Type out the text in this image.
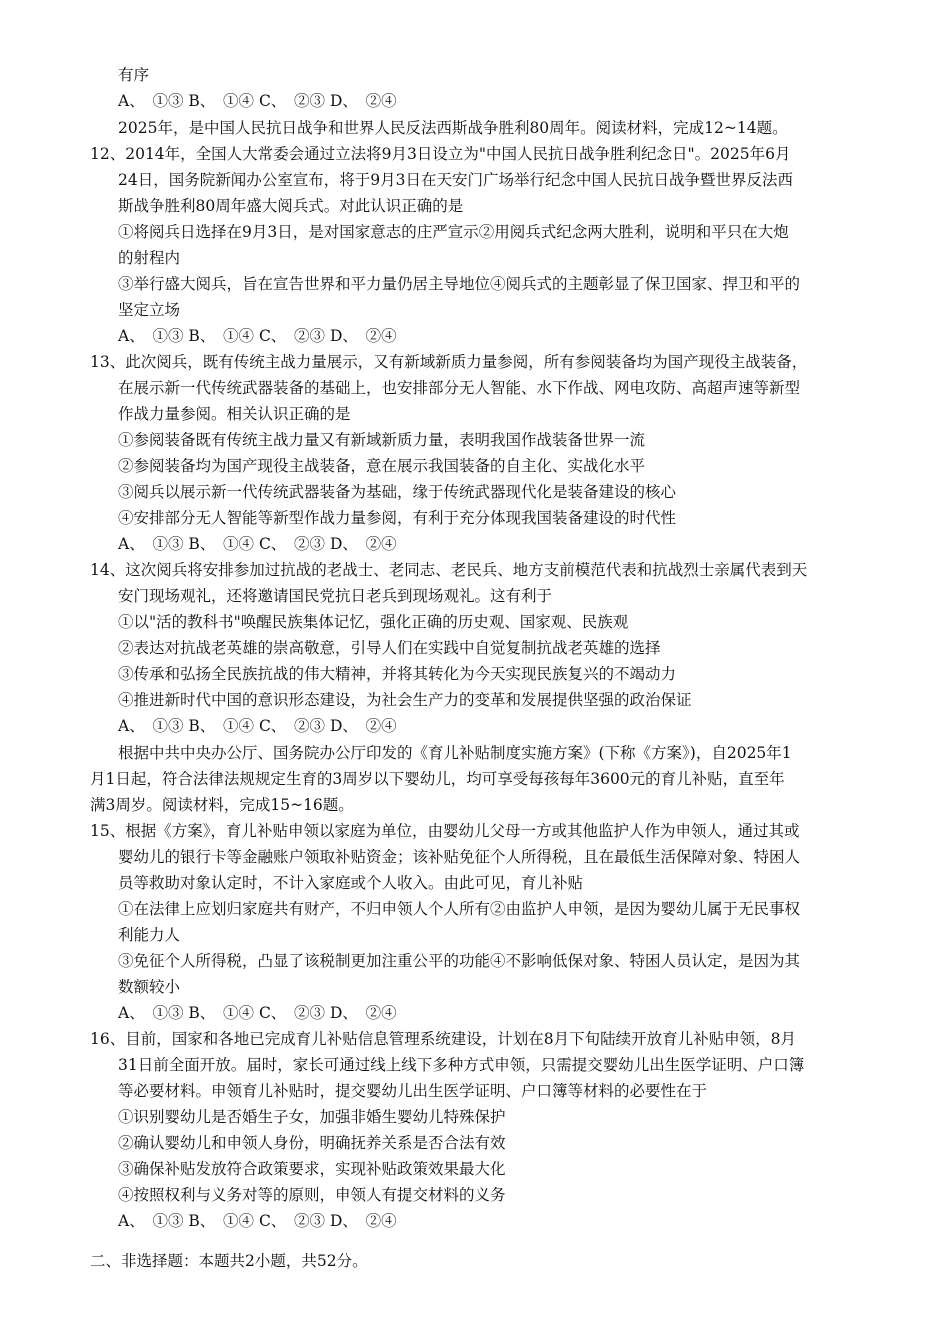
有序
A、　①③ B、　①④ C、　②③ D、　②④
2025年，是中国人民抗日战争和世界人民反法西斯战争胜利80周年。阅读材料，完成12~14题。
12、2014年，全国人大常委会通过立法将9月3日设立为"中国人民抗日战争胜利纪念日"。2025年6月
24日，国务院新闻办公室宣布，将于9月3日在天安门广场举行纪念中国人民抗日战争暨世界反法西
斯战争胜利80周年盛大阅兵式。对此认识正确的是
①将阅兵日选择在9月3日，是对国家意志的庄严宣示②用阅兵式纪念两大胜利，说明和平只在大炮
的射程内
③举行盛大阅兵，旨在宣告世界和平力量仍居主导地位④阅兵式的主题彰显了保卫国家、捍卫和平的
坚定立场
A、　①③ B、　①④ C、　②③ D、　②④
13、此次阅兵，既有传统主战力量展示，又有新域新质力量参阅，所有参阅装备均为国产现役主战装备，
在展示新一代传统武器装备的基础上，也安排部分无人智能、水下作战、网电攻防、高超声速等新型
作战力量参阅。相关认识正确的是
①参阅装备既有传统主战力量又有新域新质力量，表明我国作战装备世界一流
②参阅装备均为国产现役主战装备，意在展示我国装备的自主化、实战化水平
③阅兵以展示新一代传统武器装备为基础，缘于传统武器现代化是装备建设的核心
④安排部分无人智能等新型作战力量参阅，有利于充分体现我国装备建设的时代性
A、　①③ B、　①④ C、　②③ D、　②④
14、这次阅兵将安排参加过抗战的老战士、老同志、老民兵、地方支前模范代表和抗战烈士亲属代表到天
安门现场观礼，还将邀请国民党抗日老兵到现场观礼。这有利于
①以"活的教科书"唤醒民族集体记忆，强化正确的历史观、国家观、民族观
②表达对抗战老英雄的崇高敬意，引导人们在实践中自觉复制抗战老英雄的选择
③传承和弘扬全民族抗战的伟大精神，并将其转化为今天实现民族复兴的不竭动力
④推进新时代中国的意识形态建设，为社会生产力的变革和发展提供坚强的政治保证
A、　①③ B、　①④ C、　②③ D、　②④
根据中共中央办公厅、国务院办公厅印发的《育儿补贴制度实施方案》(下称《方案》)，自2025年1
月1日起，符合法律法规规定生育的3周岁以下婴幼儿，均可享受每孩每年3600元的育儿补贴，直至年
满3周岁。阅读材料，完成15~16题。
15、根据《方案》，育儿补贴申领以家庭为单位，由婴幼儿父母一方或其他监护人作为申领人，通过其或
婴幼儿的银行卡等金融账户领取补贴资金；该补贴免征个人所得税，且在最低生活保障对象、特困人
员等救助对象认定时，不计入家庭或个人收入。由此可见，育儿补贴
①在法律上应划归家庭共有财产，不归申领人个人所有②由监护人申领，是因为婴幼儿属于无民事权
利能力人
③免征个人所得税，凸显了该税制更加注重公平的功能④不影响低保对象、特困人员认定，是因为其
数额较小
A、　①③ B、　①④ C、　②③ D、　②④
16、目前，国家和各地已完成育儿补贴信息管理系统建设，计划在8月下旬陆续开放育儿补贴申领，8月
31日前全面开放。届时，家长可通过线上线下多种方式申领，只需提交婴幼儿出生医学证明、户口簿
等必要材料。申领育儿补贴时，提交婴幼儿出生医学证明、户口簿等材料的必要性在于
①识别婴幼儿是否婚生子女，加强非婚生婴幼儿特殊保护
②确认婴幼儿和申领人身份，明确抚养关系是否合法有效
③确保补贴发放符合政策要求，实现补贴政策效果最大化
④按照权利与义务对等的原则，申领人有提交材料的义务
A、　①③ B、　①④ C、　②③ D、　②④
二、非选择题：本题共2小题，共52分。
